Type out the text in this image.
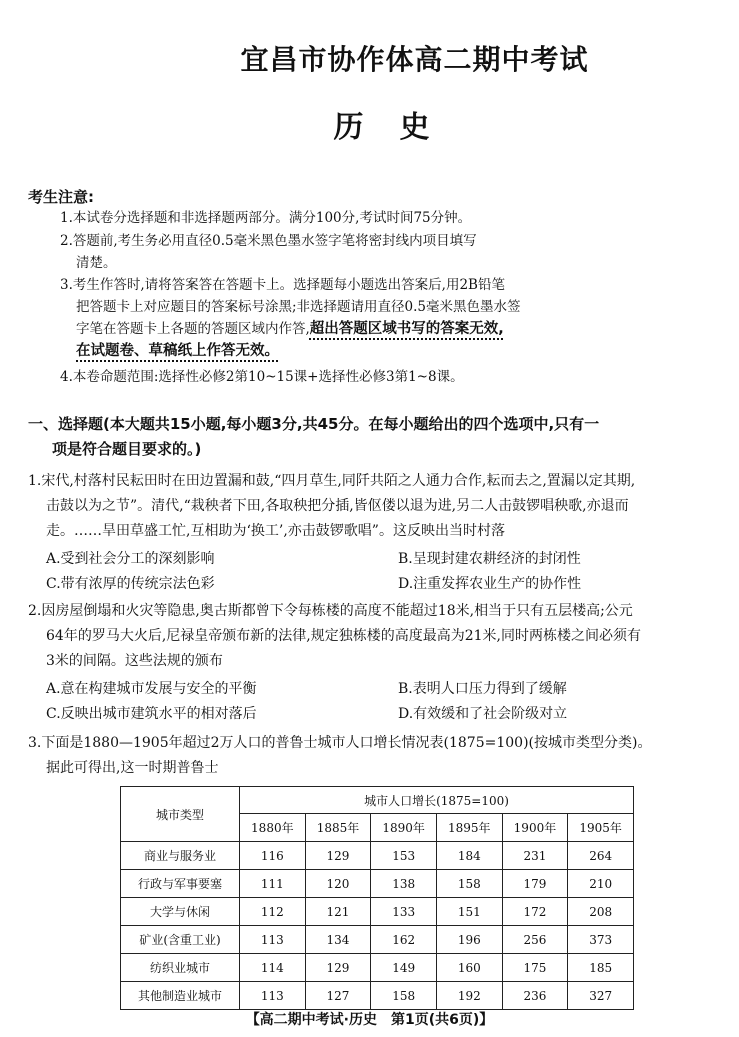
宜昌市协作体高二期中考试
历史
考生注意:
1.本试卷分选择题和非选择题两部分。满分100分,考试时间75分钟。
2.答题前,考生务必用直径0.5毫米黑色墨水签字笔将密封线内项目填写
清楚。
3.考生作答时,请将答案答在答题卡上。选择题每小题选出答案后,用2B铅笔
把答题卡上对应题目的答案标号涂黑;非选择题请用直径0.5毫米黑色墨水签
字笔在答题卡上各题的答题区域内作答,超出答题区域书写的答案无效,
在试题卷、草稿纸上作答无效。
4.本卷命题范围:选择性必修2第10~15课+选择性必修3第1~8课。
一、选择题(本大题共15小题,每小题3分,共45分。在每小题给出的四个选项中,只有一
项是符合题目要求的。)
1.宋代,村落村民耘田时在田边置漏和鼓,“四月草生,同阡共陌之人通力合作,耘而去之,置漏以定其期,
击鼓以为之节”。清代,“栽秧者下田,各取秧把分插,皆伛偻以退为进,另二人击鼓锣唱秧歌,亦退而
走。……旱田草盛工忙,互相助为‘换工’,亦击鼓锣歌唱”。这反映出当时村落
A.受到社会分工的深刻影响	B.呈现封建农耕经济的封闭性
C.带有浓厚的传统宗法色彩	D.注重发挥农业生产的协作性
2.因房屋倒塌和火灾等隐患,奥古斯都曾下令每栋楼的高度不能超过18米,相当于只有五层楼高;公元
64年的罗马大火后,尼禄皇帝颁布新的法律,规定独栋楼的高度最高为21米,同时两栋楼之间必须有
3米的间隔。这些法规的颁布
A.意在构建城市发展与安全的平衡	B.表明人口压力得到了缓解
C.反映出城市建筑水平的相对落后	D.有效缓和了社会阶级对立
3.下面是1880—1905年超过2万人口的普鲁士城市人口增长情况表(1875=100)(按城市类型分类)。
据此可得出,这一时期普鲁士
城市类型	城市人口增长(1875=100)					
	1880年	1885年	1890年	1895年	1900年	1905年
商业与服务业	116	129	153	184	231	264
行政与军事要塞	111	120	138	158	179	210
大学与休闲	112	121	133	151	172	208
矿业(含重工业)	113	134	162	196	256	373
纺织业城市	114	129	149	160	175	185
其他制造业城市	113	127	158	192	236	327
【高二期中考试·历史　第1页(共6页)】
